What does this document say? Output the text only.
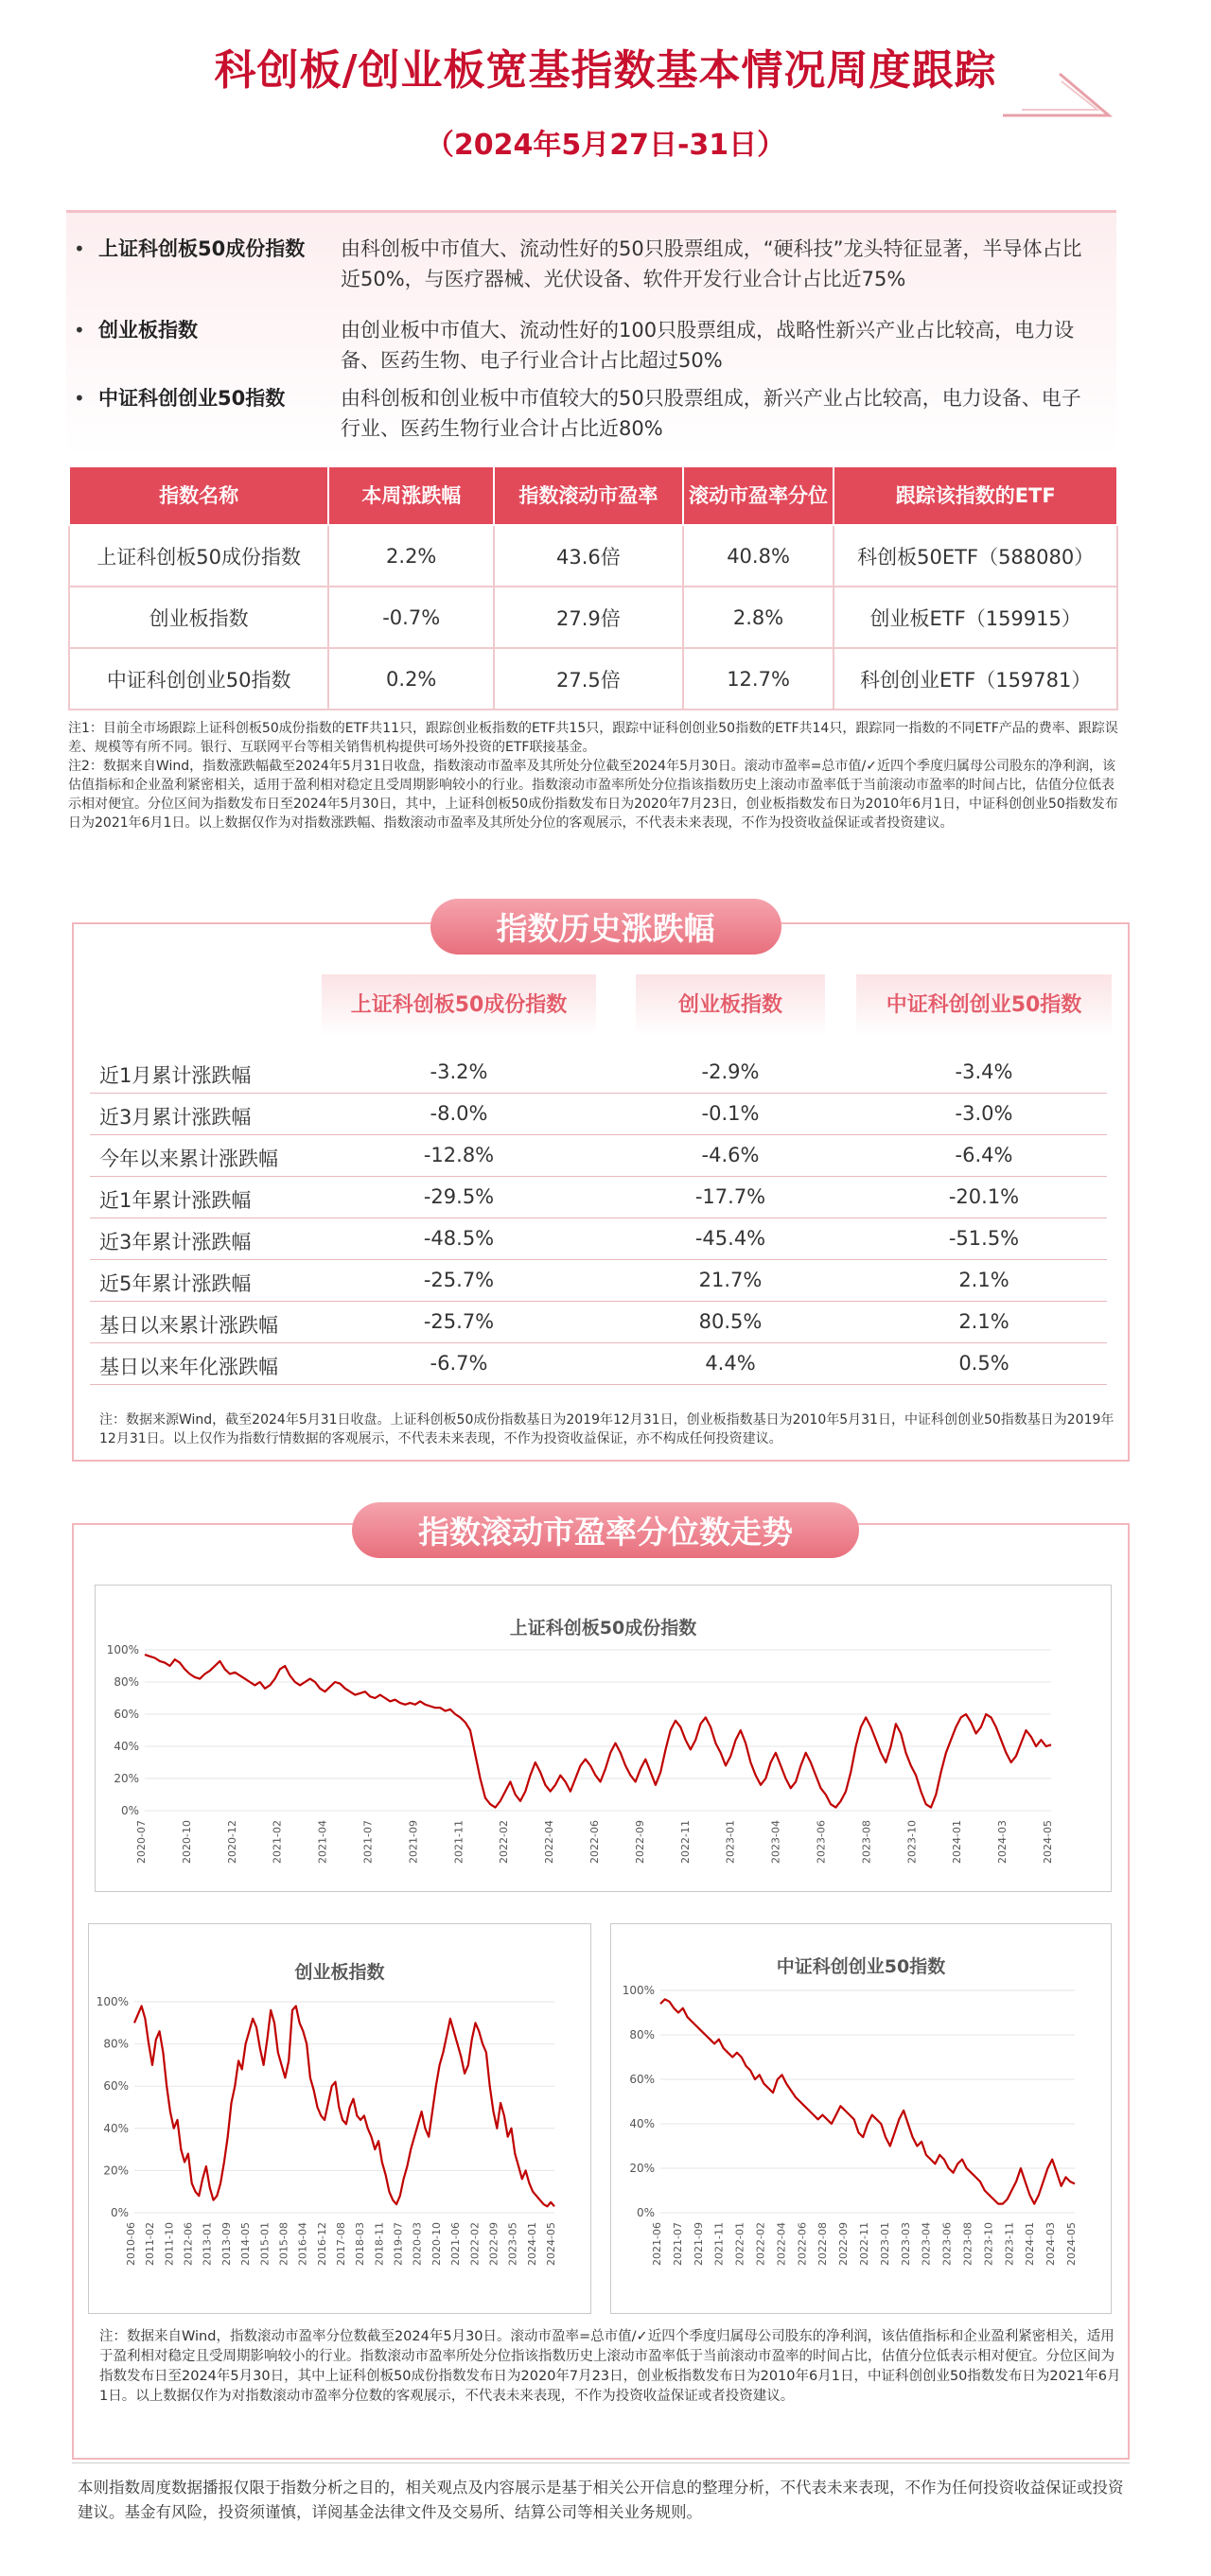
科创板/创业板宽基指数基本情况周度跟踪
（2024年5月27日-31日）
• 上证科创板50成份指数 由科创板中市值大、流动性好的50只股票组成，“硬科技”龙头特征显著，半导体占比近50%，与医疗器械、光伏设备、软件开发行业合计占比近75%
• 创业板指数	由创业板中市值大、流动性好的100只股票组成，战略性新兴产业占比较高，电力设备、医药生物、电子行业合计占比超过50%
• 中证科创创业50指数	由科创板和创业板中市值较大的50只股票组成，新兴产业占比较高，电力设备、电子行业、医药生物行业合计占比近80%
指数名称	本周涨跌幅	指数滚动市盈率	滚动市盈率分位	跟踪该指数的ETF
上证科创板50成份指数	2.2%	43.6倍	40.8%	科创板50ETF（588080）
创业板指数	-0.7%	27.9倍	2.8%	创业板ETF（159915）
中证科创创业50指数	0.2%	27.5倍	12.7%	科创创业ETF（159781）
注1：目前全市场跟踪上证科创板50成份指数的ETF共11只，跟踪创业板指数的ETF共15只，跟踪中证科创创业50指数的ETF共14只，跟踪同一指数的不同ETF产品的费率、跟踪误差、规模等有所不同。银行、互联网平台等相关销售机构提供可场外投资的ETF联接基金。
注2：数据来自Wind，指数涨跌幅截至2024年5月31日收盘，指数滚动市盈率及其所处分位截至2024年5月30日。滚动市盈率=总市值/✓近四个季度归属母公司股东的净利润，该估值指标和企业盈利紧密相关，适用于盈利相对稳定且受周期影响较小的行业。指数滚动市盈率所处分位指该指数历史上滚动市盈率低于当前滚动市盈率的时间占比，估值分位低表示相对便宜。分位区间为指数发布日至2024年5月30日，其中，上证科创板50成份指数发布日为2020年7月23日，创业板指数发布日为2010年6月1日，中证科创创业50指数发布日为2021年6月1日。以上数据仅作为对指数涨跌幅、指数滚动市盈率及其所处分位的客观展示，不代表未来表现，不作为投资收益保证或者投资建议。
指数历史涨跌幅
上证科创板50成份指数	创业板指数	中证科创创业50指数
近1月累计涨跌幅	-3.2%	-2.9%	-3.4%
近3月累计涨跌幅	-8.0%	-0.1%	-3.0%
今年以来累计涨跌幅	-12.8%	-4.6%	-6.4%
近1年累计涨跌幅	-29.5%	-17.7%	-20.1%
近3年累计涨跌幅	-48.5%	-45.4%	-51.5%
近5年累计涨跌幅	-25.7%	21.7%	2.1%
基日以来累计涨跌幅	-25.7%	80.5%	2.1%
基日以来年化涨跌幅	-6.7%	4.4%	0.5%
注：数据来源Wind，截至2024年5月31日收盘。上证科创板50成份指数基日为2019年12月31日，创业板指数基日为2010年5月31日，中证科创创业50指数基日为2019年12月31日。以上仅作为指数行情数据的客观展示，不代表未来表现，不作为投资收益保证，亦不构成任何投资建议。
指数滚动市盈率分位数走势
上证科创板50成份指数
0%
20%
40%
60%
80%
100%
2020-07	2020-10	2020-12	2021-02	2021-04	2021-07	2021-09	2021-11	2022-02	2022-04	2022-06	2022-09	2022-11	2023-01	2023-04	2023-06	2023-08	2023-10	2024-01	2024-03	2024-05
创业板指数
0%
20%
40%
60%
80%
100%
2010-06 2011-02 2011-10 2012-06 2013-01 2013-09 2014-05 2015-01 2015-08 2016-04 2016-12 2017-08 2018-03 2018-11 2019-07 2020-03 2020-10 2021-06 2022-02 2022-09 2023-05 2024-01 2024-05
中证科创创业50指数
0%
20%
40%
60%
80%
100%
2021-06 2021-07 2021-09 2021-11 2022-01 2022-02 2022-04 2022-06 2022-08 2022-09 2022-11 2023-01 2023-03 2023-04 2023-06 2023-08 2023-10 2023-11 2024-01 2024-03 2024-05
注：数据来自Wind，指数滚动市盈率分位数截至2024年5月30日。滚动市盈率=总市值/✓近四个季度归属母公司股东的净利润，该估值指标和企业盈利紧密相关，适用于盈利相对稳定且受周期影响较小的行业。指数滚动市盈率所处分位指该指数历史上滚动市盈率低于当前滚动市盈率的时间占比，估值分位低表示相对便宜。分位区间为指数发布日至2024年5月30日，其中上证科创板50成份指数发布日为2020年7月23日，创业板指数发布日为2010年6月1日，中证科创创业50指数发布日为2021年6月1日。以上数据仅作为对指数滚动市盈率分位数的客观展示，不代表未来表现，不作为投资收益保证或者投资建议。
本则指数周度数据播报仅限于指数分析之目的，相关观点及内容展示是基于相关公开信息的整理分析，不代表未来表现，不作为任何投资收益保证或投资建议。基金有风险，投资须谨慎，详阅基金法律文件及交易所、结算公司等相关业务规则。
